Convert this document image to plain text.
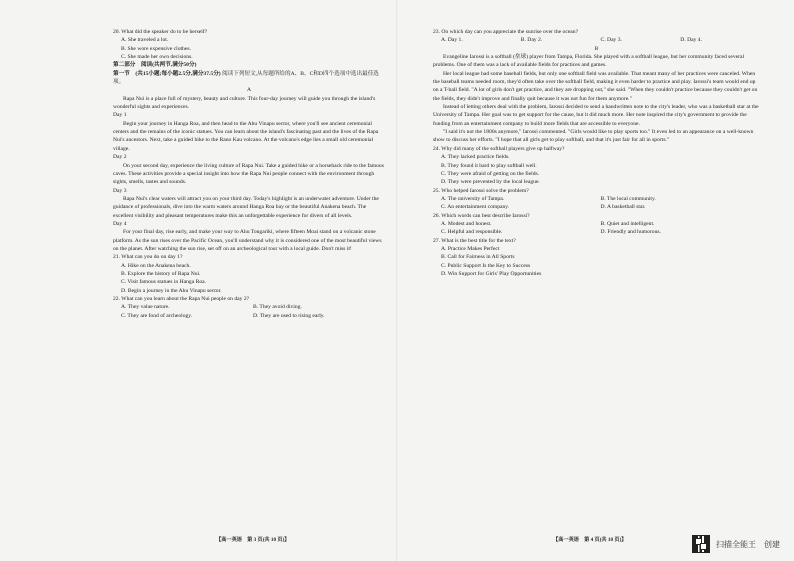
20. What did the speaker do to be herself?

A. She traveled a lot.

B. She wore expensive clothes.

C. She made her own decisions.

第二部分　阅读(共两节,满分50分)

第一节　(共15小题;每小题2.5分,满分37.5分) 阅读下列短文,从每题所给的A、B、C和D四个选项中选出最佳选项。

A

Rapa Nui is a place full of mystery, beauty and culture. This four-day journey will guide you through the island's wonderful sights and experiences.

Day 1

Begin your journey in Hanga Roa, and then head to the Ahu Vinapu sector, where you'll see ancient ceremonial centers and the remains of the iconic statues. You can learn about the island's fascinating past and the lives of the Rapa Nui's ancestors. Next, take a guided hike to the Rano Kau volcano. At the volcano's edge lies a small old ceremonial village.

Day 2

On your second day, experience the living culture of Rapa Nui. Take a guided hike or a horseback ride to the famous caves. These activities provide a special insight into how the Rapa Nui people connect with the environment through sights, smells, tastes and sounds.

Day 3

Rapa Nui's clear waters will attract you on your third day. Today's highlight is an underwater adventure. Under the guidance of professionals, dive into the warm waters around Hanga Roa bay or the beautiful Anakena beach. The excellent visibility and pleasant temperatures make this an unforgettable experience for divers of all levels.

Day 4

For your final day, rise early, and make your way to Ahu Tongariki, where fifteen Moai stand on a volcanic stone platform. As the sun rises over the Pacific Ocean, you'll understand why it is considered one of the most beautiful views on the planet. After watching the sun rise, set off on an archeological tour with a local guide. Don't miss it!

21. What can you do on day 1?

A. Hike on the Anakena beach.

B. Explore the history of Rapa Nui.

C. Visit famous statues in Hanga Roa.

D. Begin a journey in the Ahu Vinapu sector.

22. What can you learn about the Rapa Nui people on day 2?

A. They value nature.	B. They avoid diving.
C. They are fond of archeology.	D. They are used to rising early.
【高一英语　第 3 页(共 10 页)】

23. On which day can you appreciate the sunrise over the ocean?

A. Day 1.	B. Day 2.	C. Day 3.	D. Day 4.

B

Evangeline Iarossi is a softball (垒球) player from Tampa, Florida. She played with a softball league, but her community faced several problems. One of them was a lack of available fields for practices and games.

Her local league had some baseball fields, but only one softball field was available. That meant many of her practices were canceled. When the baseball teams needed room, they'd often take over the softball field, making it even harder to practice and play. Iarossi's team would end up on a T-ball field. "A lot of girls don't get practice, and they are dropping out," she said. "When they couldn't practice because they couldn't get on the fields, they didn't improve and finally quit because it was not fun for them anymore."

Instead of letting others deal with the problem, Iarossi decided to send a handwritten note to the city's leader, who was a basketball star at the University of Tampa. Her goal was to get support for the cause, but it did much more. Her note inspired the city's government to provide the funding from an entertainment company to build more fields that are accessible to everyone.

"I said it's not the 1800s anymore," Iarossi commented. "Girls would like to play sports too." It even led to an appearance on a well-known show to discuss her efforts. "I hope that all girls get to play softball, and that it's just fair for all in sports."

24. Why did many of the softball players give up halfway?

A. They lacked practice fields.

B. They found it hard to play softball well.

C. They were afraid of getting on the fields.

D. They were prevented by the local league.

25. Who helped Iarossi solve the problem?

A. The university of Tampa.	B. The local community.
C. An entertainment company.	D. A basketball star.

26. Which words can best describe Iarossi?

A. Modest and honest.	B. Quiet and intelligent.
C. Helpful and responsible.	D. Friendly and humorous.

27. What is the best title for the text?

A. Practice Makes Perfect

B. Call for Fairness in All Sports

C. Public Support Is the Key to Success

D. Win Support for Girls' Play Opportunities

【高一英语　第 4 页(共 10 页)】	扫描全能王　创建
